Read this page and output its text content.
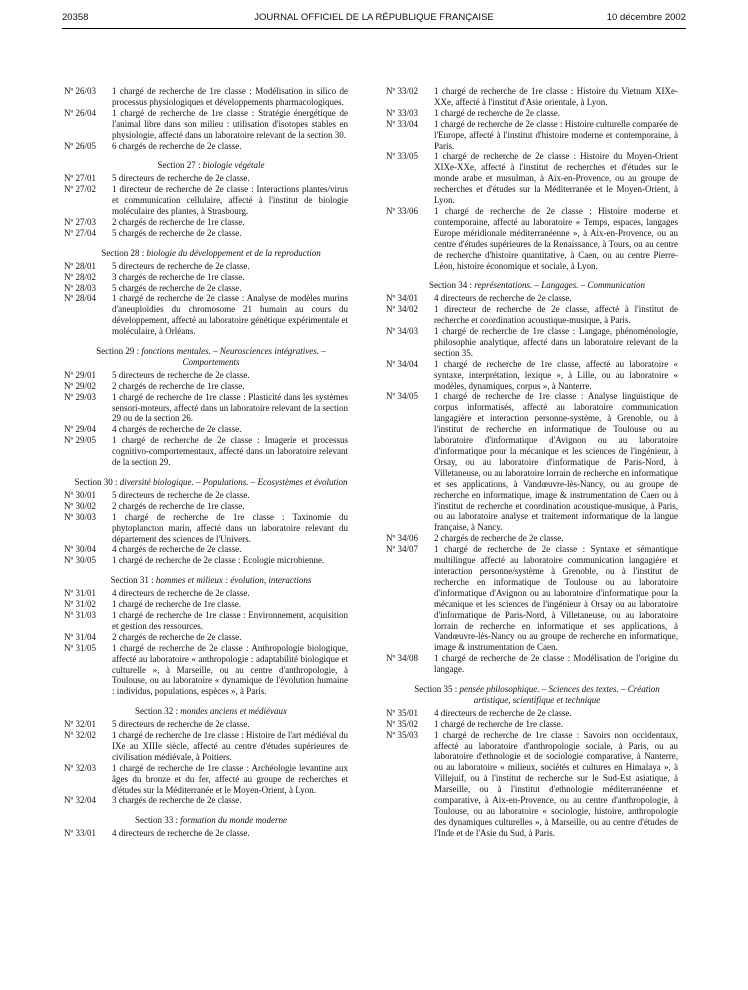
20358	JOURNAL OFFICIEL DE LA RÉPUBLIQUE FRANÇAISE	10 décembre 2002
Nº 26/03	1 chargé de recherche de 1re classe : Modélisation in silico de processus physiologiques et développements pharmacologiques.
Nº 26/04	1 chargé de recherche de 1re classe : Stratégie énergétique de l'animal libre dans son milieu : utilisation d'isotopes stables en physiologie, affecté dans un laboratoire relevant de la section 30.
Nº 26/05	6 chargés de recherche de 2e classe.
Section 27 : biologie végétale
Nº 27/01	5 directeurs de recherche de 2e classe.
Nº 27/02	1 directeur de recherche de 2e classe : Interactions plantes/virus et communication cellulaire, affecté à l'institut de biologie moléculaire des plantes, à Strasbourg.
Nº 27/03	2 chargés de recherche de 1re classe.
Nº 27/04	5 chargés de recherche de 2e classe.
Section 28 : biologie du développement et de la reproduction
Nº 28/01	5 directeurs de recherche de 2e classe.
Nº 28/02	3 chargés de recherche de 1re classe.
Nº 28/03	5 chargés de recherche de 2e classe.
Nº 28/04	1 chargé de recherche de 2e classe : Analyse de modèles murins d'aneuploïdies du chromosome 21 humain au cours du développement, affecté au laboratoire génétique expérimentale et moléculaire, à Orléans.
Section 29 : fonctions mentales. – Neurosciences intégratives. – Comportements
Nº 29/01	5 directeurs de recherche de 2e classe.
Nº 29/02	2 chargés de recherche de 1re classe.
Nº 29/03	1 chargé de recherche de 1re classe : Plasticité dans les systèmes sensori-moteurs, affecté dans un laboratoire relevant de la section 29 ou de la section 26.
Nº 29/04	4 chargés de recherche de 2e classe.
Nº 29/05	1 chargé de recherche de 2e classe : Imagerie et processus cognitivo-comportementaux, affecté dans un laboratoire relevant de la section 29.
Section 30 : diversité biologique. – Populations. – Ecosystèmes et évolution
Nº 30/01	5 directeurs de recherche de 2e classe.
Nº 30/02	2 chargés de recherche de 1re classe.
Nº 30/03	1 chargé de recherche de 1re classe : Taxinomie du phytoplancton marin, affecté dans un laboratoire relevant du département des sciences de l'Univers.
Nº 30/04	4 chargés de recherche de 2e classe.
Nº 30/05	1 chargé de recherche de 2e classe : Ecologie microbienne.
Section 31 : hommes et milieux : évolution, interactions
Nº 31/01	4 directeurs de recherche de 2e classe.
Nº 31/02	1 chargé de recherche de 1re classe.
Nº 31/03	1 chargé de recherche de 1re classe : Environnement, acquisition et gestion des ressources.
Nº 31/04	2 chargés de recherche de 2e classe.
Nº 31/05	1 chargé de recherche de 2e classe : Anthropologie biologique, affecté au laboratoire « anthropologie : adaptabilité biologique et culturelle », à Marseille, ou au centre d'anthropologie, à Toulouse, ou au laboratoire « dynamique de l'évolution humaine : individus, populations, espèces », à Paris.
Section 32 : mondes anciens et médiévaux
Nº 32/01	5 directeurs de recherche de 2e classe.
Nº 32/02	1 chargé de recherche de 1re classe : Histoire de l'art médiéval du IXe au XIIIe siècle, affecté au centre d'études supérieures de civilisation médiévale, à Poitiers.
Nº 32/03	1 chargé de recherche de 1re classe : Archéologie levantine aux âges du bronze et du fer, affecté au groupe de recherches et d'études sur la Méditerranée et le Moyen-Orient, à Lyon.
Nº 32/04	3 chargés de recherche de 2e classe.
Section 33 : formation du monde moderne
Nº 33/01	4 directeurs de recherche de 2e classe.
Nº 33/02	1 chargé de recherche de 1re classe : Histoire du Vietnam XIXe-XXe, affecté à l'institut d'Asie orientale, à Lyon.
Nº 33/03	1 chargé de recherche de 2e classe.
Nº 33/04	1 chargé de recherche de 2e classe : Histoire culturelle comparée de l'Europe, affecté à l'institut d'histoire moderne et contemporaine, à Paris.
Nº 33/05	1 chargé de recherche de 2e classe : Histoire du Moyen-Orient XIXe-XXe, affecté à l'institut de recherches et d'études sur le monde arabe et musulman, à Aix-en-Provence, ou au groupe de recherches et d'études sur la Méditerranée et le Moyen-Orient, à Lyon.
Nº 33/06	1 chargé de recherche de 2e classe : Histoire moderne et contemporaine, affecté au laboratoire « Temps, espaces, langages Europe méridionale méditerranéenne », à Aix-en-Provence, ou au centre d'études supérieures de la Renaissance, à Tours, ou au centre de recherche d'histoire quantitative, à Caen, ou au centre Pierre-Léon, histoire économique et sociale, à Lyon.
Section 34 : représentations. – Langages. – Communication
Nº 34/01	4 directeurs de recherche de 2e classe.
Nº 34/02	1 directeur de recherche de 2e classe, affecté à l'institut de recherche et coordination acoustique-musique, à Paris.
Nº 34/03	1 chargé de recherche de 1re classe : Langage, phénoménologie, philosophie analytique, affecté dans un laboratoire relevant de la section 35.
Nº 34/04	1 chargé de recherche de 1re classe, affecté au laboratoire « syntaxe, interprétation, lexique », à Lille, ou au laboratoire « modèles, dynamiques, corpus », à Nanterre.
Nº 34/05	1 chargé de recherche de 1re classe : Analyse linguistique de corpus informatisés, affecté au laboratoire communication langagière et interaction personne-système, à Grenoble, ou à l'institut de recherche en informatique de Toulouse ou au laboratoire d'informatique d'Avignon ou au laboratoire d'informatique pour la mécanique et les sciences de l'ingénieur, à Orsay, ou au laboratoire d'informatique de Paris-Nord, à Villetaneuse, ou au laboratoire lorrain de recherche en informatique et ses applications, à Vandœuvre-lès-Nancy, ou au groupe de recherche en informatique, image & instrumentation de Caen ou à l'institut de recherche et coordination acoustique-musique, à Paris, ou au laboratoire analyse et traitement informatique de la langue française, à Nancy.
Nº 34/06	2 chargés de recherche de 2e classe.
Nº 34/07	1 chargé de recherche de 2e classe : Syntaxe et sémantique multilingue affecté au laboratoire communication langagière et interaction personne/système à Grenoble, ou à l'institut de recherche en informatique de Toulouse ou au laboratoire d'informatique d'Avignon ou au laboratoire d'informatique pour la mécanique et les sciences de l'ingénieur à Orsay ou au laboratoire d'informatique de Paris-Nord, à Villetaneuse, ou au laboratoire lorrain de recherche en informatique et ses applications, à Vandœuvre-lès-Nancy ou au groupe de recherche en informatique, image & instrumentation de Caen.
Nº 34/08	1 chargé de recherche de 2e classe : Modélisation de l'origine du langage.
Section 35 : pensée philosophique. – Sciences des textes. – Création artistique, scientifique et technique
Nº 35/01	4 directeurs de recherche de 2e classe.
Nº 35/02	1 chargé de recherche de 1re classe.
Nº 35/03	1 chargé de recherche de 1re classe : Savoirs non occidentaux, affecté au laboratoire d'anthropologie sociale, à Paris, ou au laboratoire d'ethnologie et de sociologie comparative, à Nanterre, ou au laboratoire « milieux, sociétés et cultures en Himalaya », à Villejuif, ou à l'institut de recherche sur le Sud-Est asiatique, à Marseille, ou à l'institut d'ethnologie méditerranéenne et comparative, à Aix-en-Provence, ou au centre d'anthropologie, à Toulouse, ou au laboratoire « sociologie, histoire, anthropologie des dynamiques culturelles », à Marseille, ou au centre d'études de l'Inde et de l'Asie du Sud, à Paris.
